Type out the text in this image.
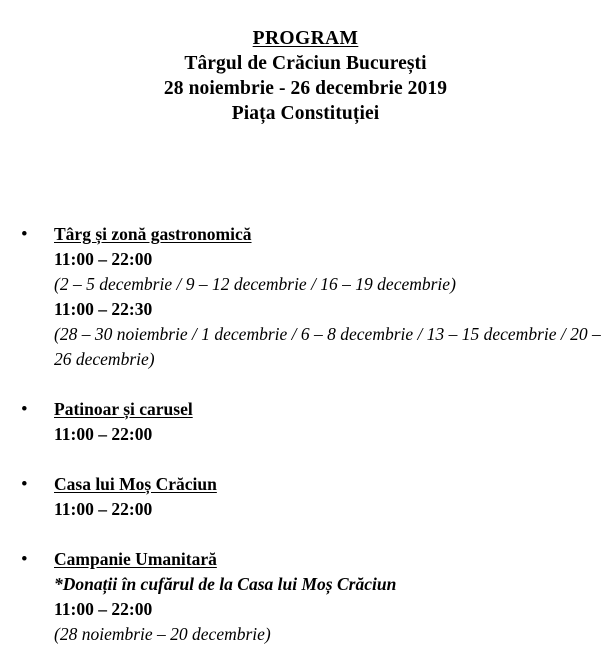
PROGRAM
Târgul de Crăciun București
28 noiembrie - 26 decembrie 2019
Piața Constituției
•	Târg și zonă gastronomică
11:00 – 22:00
(2 – 5 decembrie / 9 – 12 decembrie / 16 – 19 decembrie)
11:00 – 22:30
(28 – 30 noiembrie / 1 decembrie / 6 – 8 decembrie / 13 – 15 decembrie / 20 – 26 decembrie)
•	Patinoar și carusel
11:00 – 22:00
•	Casa lui Moș Crăciun
11:00 – 22:00
•	Campanie Umanitară
*Donații în cufărul de la Casa lui Moș Crăciun
11:00 – 22:00
(28 noiembrie – 20 decembrie)
